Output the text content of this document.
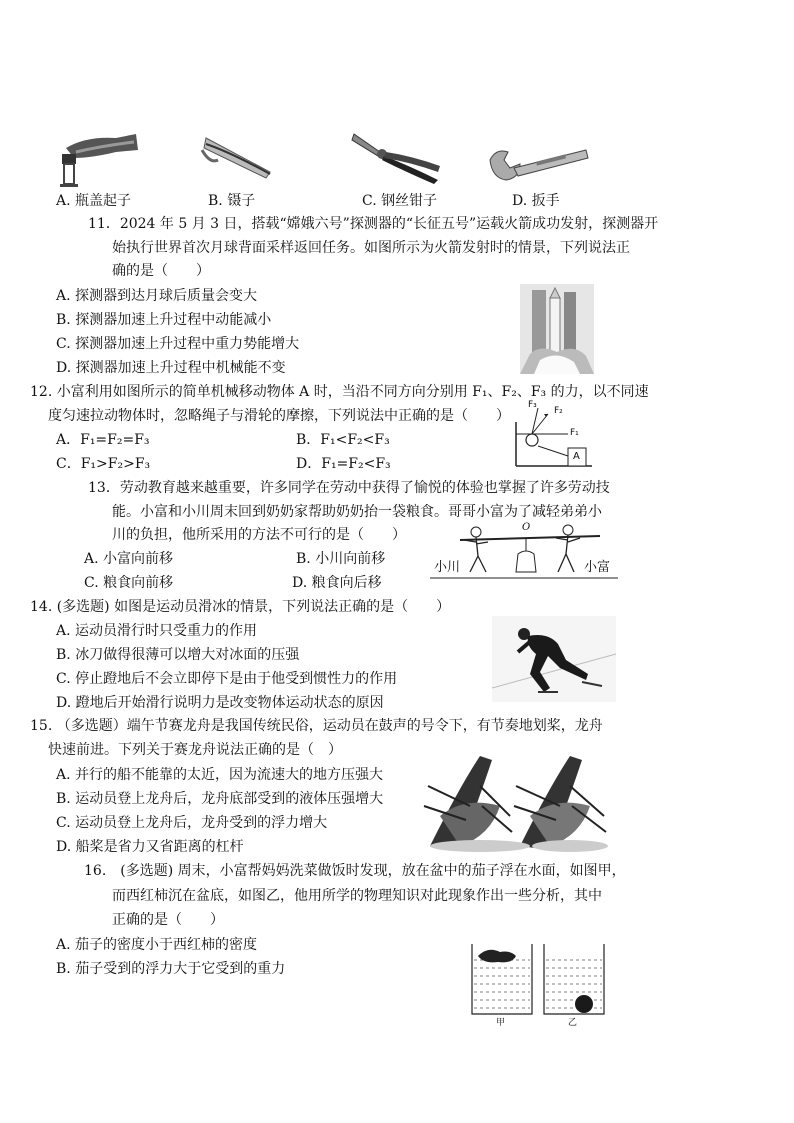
A. 瓶盖起子	B. 镊子	C. 钢丝钳子	D. 扳手
11．2024 年 5 月 3 日，搭载“嫦娥六号”探测器的“长征五号”运载火箭成功发射，探测器开
始执行世界首次月球背面采样返回任务。如图所示为火箭发射时的情景，下列说法正
确的是（　　）
A. 探测器到达月球后质量会变大
B. 探测器加速上升过程中动能减小
C. 探测器加速上升过程中重力势能增大
D. 探测器加速上升过程中机械能不变
12. 小富利用如图所示的简单机械移动物体 A 时，当沿不同方向分别用 F₁、F₂、F₃ 的力，以不同速
度匀速拉动物体时，忽略绳子与滑轮的摩擦，下列说法中正确的是（　　）
A．F₁=F₂=F₃	B．F₁<F₂<F₃
C．F₁>F₂>F₃	D．F₁=F₂<F₃
F₃
F₂
F₁
A
13．劳动教育越来越重要，许多同学在劳动中获得了愉悦的体验也掌握了许多劳动技
能。小富和小川周末回到奶奶家帮助奶奶抬一袋粮食。哥哥小富为了减轻弟弟小
川的负担，他所采用的方法不可行的是（　　）
A. 小富向前移	B. 小川向前移
C. 粮食向前移	D. 粮食向后移
小川	小富
O
14. (多选题) 如图是运动员滑冰的情景，下列说法正确的是（　　）
A. 运动员滑行时只受重力的作用
B. 冰刀做得很薄可以增大对冰面的压强
C. 停止蹬地后不会立即停下是由于他受到惯性力的作用
D. 蹬地后开始滑行说明力是改变物体运动状态的原因
15. （多选题）端午节赛龙舟是我国传统民俗，运动员在鼓声的号令下，有节奏地划桨，龙舟
快速前进。下列关于赛龙舟说法正确的是（　）
A. 并行的船不能靠的太近，因为流速大的地方压强大
B. 运动员登上龙舟后，龙舟底部受到的液体压强增大
C. 运动员登上龙舟后，龙舟受到的浮力增大
D. 船桨是省力又省距离的杠杆
16.　(多选题) 周末，小富帮妈妈洗菜做饭时发现，放在盆中的茄子浮在水面，如图甲，
而西红柿沉在盆底，如图乙，他用所学的物理知识对此现象作出一些分析，其中
正确的是（　　）
A. 茄子的密度小于西红柿的密度
B. 茄子受到的浮力大于它受到的重力
甲	乙
